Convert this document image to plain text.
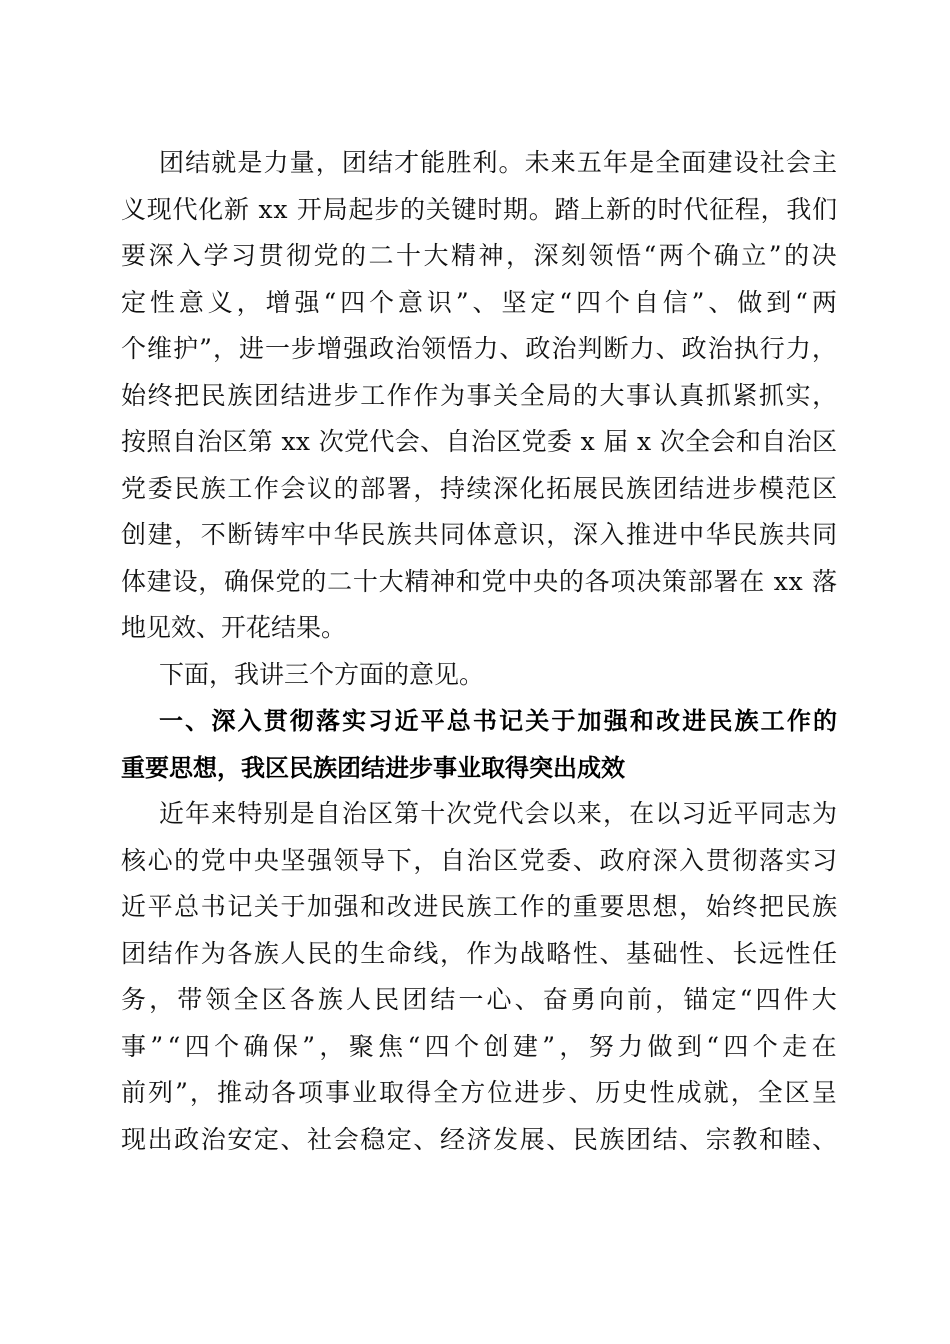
团结就是力量，团结才能胜利。未来五年是全面建设社会主
义现代化新 xx 开局起步的关键时期。踏上新的时代征程，我们
要深入学习贯彻党的二十大精神，深刻领悟“两个确立”的决
定性意义，增强“四个意识”、坚定“四个自信”、做到“两
个维护”，进一步增强政治领悟力、政治判断力、政治执行力，
始终把民族团结进步工作作为事关全局的大事认真抓紧抓实，
按照自治区第 xx 次党代会、自治区党委 x 届 x 次全会和自治区
党委民族工作会议的部署，持续深化拓展民族团结进步模范区
创建，不断铸牢中华民族共同体意识，深入推进中华民族共同
体建设，确保党的二十大精神和党中央的各项决策部署在 xx 落
地见效、开花结果。
下面，我讲三个方面的意见。
一、深入贯彻落实习近平总书记关于加强和改进民族工作的
重要思想，我区民族团结进步事业取得突出成效
近年来特别是自治区第十次党代会以来，在以习近平同志为
核心的党中央坚强领导下，自治区党委、政府深入贯彻落实习
近平总书记关于加强和改进民族工作的重要思想，始终把民族
团结作为各族人民的生命线，作为战略性、基础性、长远性任
务，带领全区各族人民团结一心、奋勇向前，锚定“四件大
事”“四个确保”，聚焦“四个创建”，努力做到“四个走在
前列”，推动各项事业取得全方位进步、历史性成就，全区呈
现出政治安定、社会稳定、经济发展、民族团结、宗教和睦、
